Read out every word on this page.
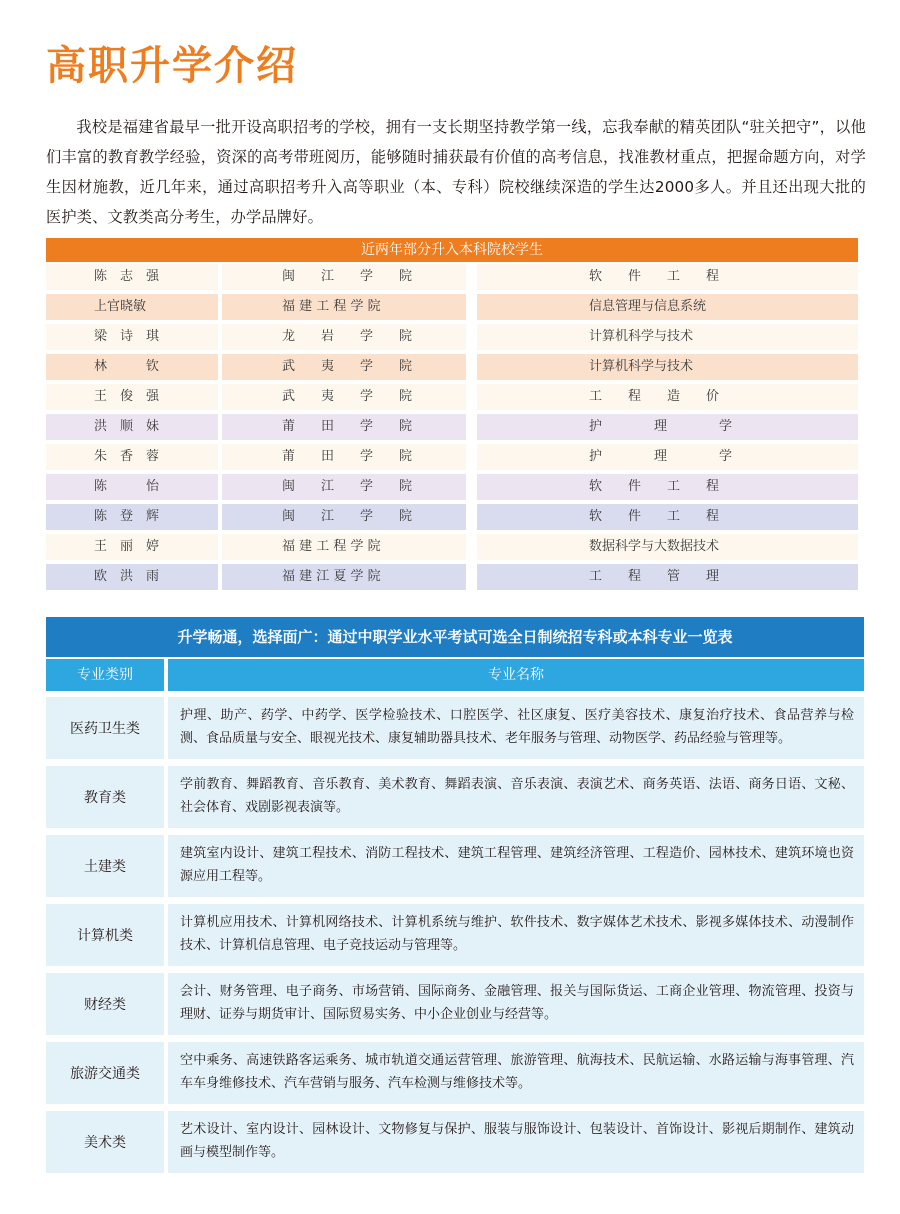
高职升学介绍

我校是福建省最早一批开设高职招考的学校，拥有一支长期坚持教学第一线，忘我奉献的精英团队“驻关把守”，以他们丰富的教育教学经验，资深的高考带班阅历，能够随时捕获最有价值的高考信息，找准教材重点，把握命题方向，对学生因材施教，近几年来，通过高职招考升入高等职业（本、专科）院校继续深造的学生达2000多人。并且还出现大批的医护类、文教类高分考生，办学品牌好。

近两年部分升入本科院校学生
陈　志　强	闽　　江　　学　　院	软　　件　　工　　程
上官晓敏	福 建 工 程 学 院	信息管理与信息系统
梁　诗　琪	龙　　岩　　学　　院	计算机科学与技术
林　　　钦	武　　夷　　学　　院	计算机科学与技术
王　俊　强	武　　夷　　学　　院	工　　程　　造　　价
洪　顺　妹	莆　　田　　学　　院	护　　　　理　　　　学
朱　香　蓉	莆　　田　　学　　院	护　　　　理　　　　学
陈　　　怡	闽　　江　　学　　院	软　　件　　工　　程
陈　登　辉	闽　　江　　学　　院	软　　件　　工　　程
王　丽　婷	福 建 工 程 学 院	数据科学与大数据技术
欧　洪　雨	福 建 江 夏 学 院	工　　程　　管　　理
升学畅通，选择面广：通过中职学业水平考试可选全日制统招专科或本科专业一览表
专业类别	专业名称
医药卫生类
护理、助产、药学、中药学、医学检验技术、口腔医学、社区康复、医疗美容技术、康复治疗技术、食品营养与检测、食品质量与安全、眼视光技术、康复辅助器具技术、老年服务与管理、动物医学、药品经验与管理等。
教育类
学前教育、舞蹈教育、音乐教育、美术教育、舞蹈表演、音乐表演、表演艺术、商务英语、法语、商务日语、文秘、社会体育、戏剧影视表演等。
土建类
建筑室内设计、建筑工程技术、消防工程技术、建筑工程管理、建筑经济管理、工程造价、园林技术、建筑环境也资源应用工程等。
计算机类
计算机应用技术、计算机网络技术、计算机系统与维护、软件技术、数字媒体艺术技术、影视多媒体技术、动漫制作技术、计算机信息管理、电子竞技运动与管理等。
财经类
会计、财务管理、电子商务、市场营销、国际商务、金融管理、报关与国际货运、工商企业管理、物流管理、投资与理财、证券与期货审计、国际贸易实务、中小企业创业与经营等。
旅游交通类
空中乘务、高速铁路客运乘务、城市轨道交通运营管理、旅游管理、航海技术、民航运输、水路运输与海事管理、汽车车身维修技术、汽车营销与服务、汽车检测与维修技术等。
美术类
艺术设计、室内设计、园林设计、文物修复与保护、服装与服饰设计、包装设计、首饰设计、影视后期制作、建筑动画与模型制作等。
